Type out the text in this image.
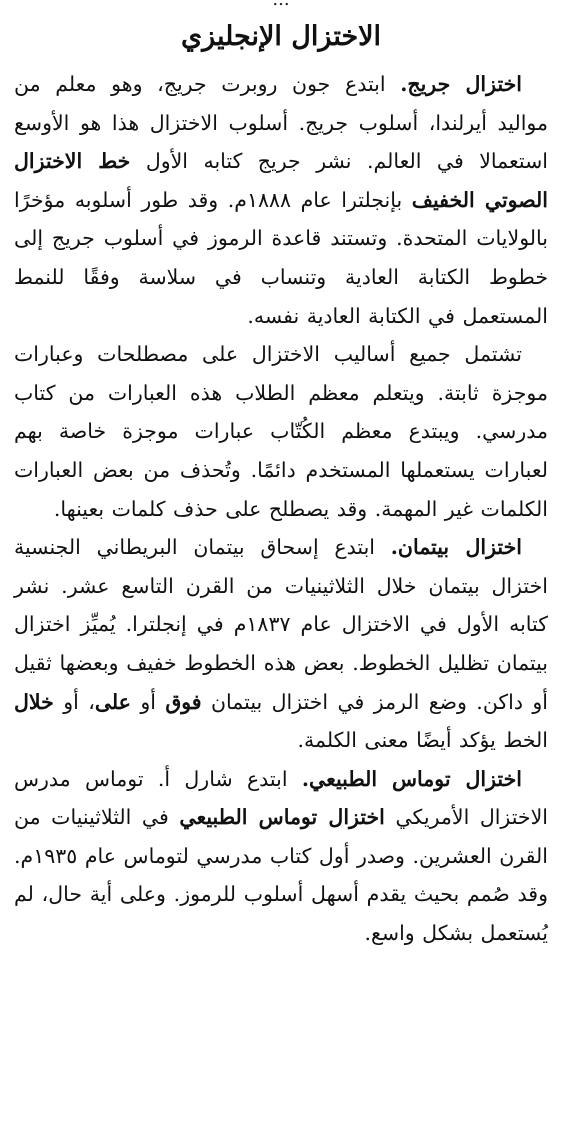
الاختزال الإنجليزي

اختزال جريج. ابتدع جون روبرت جريج، وهو معلم من مواليد أيرلندا، أسلوب جريج. أسلوب الاختزال هذا هو الأوسع استعمالا في العالم. نشر جريج كتابه الأول خط الاختزال الصوتي الخفيف بإنجلترا عام ١٨٨٨م. وقد طور أسلوبه مؤخرًا بالولايات المتحدة. وتستند قاعدة الرموز في أسلوب جريج إلى خطوط الكتابة العادية وتنساب في سلاسة وفقًا للنمط المستعمل في الكتابة العادية نفسه.

تشتمل جميع أساليب الاختزال على مصطلحات وعبارات موجزة ثابتة. ويتعلم معظم الطلاب هذه العبارات من كتاب مدرسي. ويبتدع معظم الكُتّاب عبارات موجزة خاصة بهم لعبارات يستعملها المستخدم دائمًا. وتُحذف من بعض العبارات الكلمات غير المهمة. وقد يصطلح على حذف كلمات بعينها.

اختزال بيتمان. ابتدع إسحاق بيتمان البريطاني الجنسية اختزال بيتمان خلال الثلاثينيات من القرن التاسع عشر. نشر كتابه الأول في الاختزال عام ١٨٣٧م في إنجلترا. يُميِّز اختزال بيتمان تظليل الخطوط. بعض هذه الخطوط خفيف وبعضها ثقيل أو داكن. وضع الرمز في اختزال بيتمان فوق أو على، أو خلال الخط يؤكد أيضًا معنى الكلمة.

اختزال توماس الطبيعي. ابتدع شارل أ. توماس مدرس الاختزال الأمريكي اختزال توماس الطبيعي في الثلاثينيات من القرن العشرين. وصدر أول كتاب مدرسي لتوماس عام ١٩٣٥م. وقد صُمم بحيث يقدم أسهل أسلوب للرموز. وعلى أية حال، لم يُستعمل بشكل واسع.
